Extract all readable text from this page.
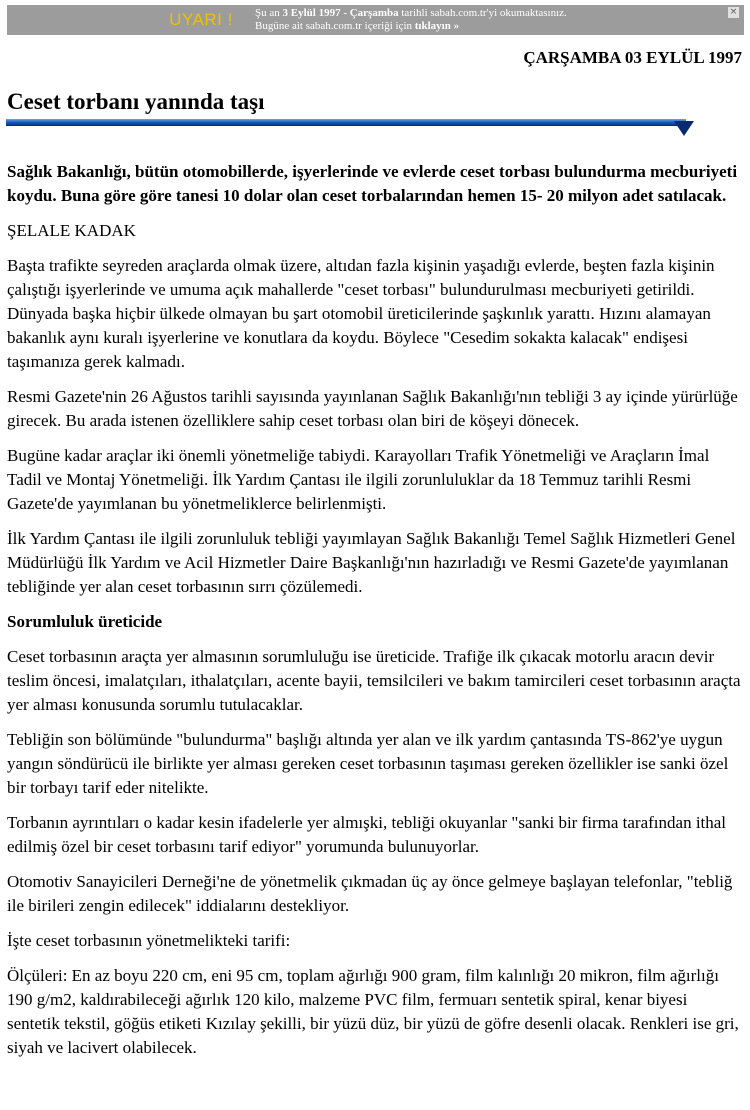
UYARI ! Şu an 3 Eylül 1997 - Çarşamba tarihli sabah.com.tr'yi okumaktasınız.
Bugüne ait sabah.com.tr içeriği için tıklayın »
×
ÇARŞAMBA 03 EYLÜL 1997
Ceset torbanı yanında taşı

Sağlık Bakanlığı, bütün otomobillerde, işyerlerinde ve evlerde ceset torbası bulundurma mecburiyeti koydu. Buna göre göre tanesi 10 dolar olan ceset torbalarından hemen 15- 20 milyon adet satılacak.

ŞELALE KADAK

Başta trafikte seyreden araçlarda olmak üzere, altıdan fazla kişinin yaşadığı evlerde, beşten fazla kişinin çalıştığı işyerlerinde ve umuma açık mahallerde "ceset torbası" bulundurulması mecburiyeti getirildi. Dünyada başka hiçbir ülkede olmayan bu şart otomobil üreticilerinde şaşkınlık yarattı. Hızını alamayan bakanlık aynı kuralı işyerlerine ve konutlara da koydu. Böylece "Cesedim sokakta kalacak" endişesi taşımanıza gerek kalmadı.

Resmi Gazete'nin 26 Ağustos tarihli sayısında yayınlanan Sağlık Bakanlığı'nın tebliği 3 ay içinde yürürlüğe girecek. Bu arada istenen özelliklere sahip ceset torbası olan biri de köşeyi dönecek.

Bugüne kadar araçlar iki önemli yönetmeliğe tabiydi. Karayolları Trafik Yönetmeliği ve Araçların İmal Tadil ve Montaj Yönetmeliği. İlk Yardım Çantası ile ilgili zorunluluklar da 18 Temmuz tarihli Resmi Gazete'de yayımlanan bu yönetmeliklerce belirlenmişti.

İlk Yardım Çantası ile ilgili zorunluluk tebliği yayımlayan Sağlık Bakanlığı Temel Sağlık Hizmetleri Genel Müdürlüğü İlk Yardım ve Acil Hizmetler Daire Başkanlığı'nın hazırladığı ve Resmi Gazete'de yayımlanan tebliğinde yer alan ceset torbasının sırrı çözülemedi.

Sorumluluk üreticide

Ceset torbasının araçta yer almasının sorumluluğu ise üreticide. Trafiğe ilk çıkacak motorlu aracın devir teslim öncesi, imalatçıları, ithalatçıları, acente bayii, temsilcileri ve bakım tamircileri ceset torbasının araçta yer alması konusunda sorumlu tutulacaklar.

Tebliğin son bölümünde "bulundurma" başlığı altında yer alan ve ilk yardım çantasında TS-862'ye uygun yangın söndürücü ile birlikte yer alması gereken ceset torbasının taşıması gereken özellikler ise sanki özel bir torbayı tarif eder nitelikte.

Torbanın ayrıntıları o kadar kesin ifadelerle yer almışki, tebliği okuyanlar "sanki bir firma tarafından ithal edilmiş özel bir ceset torbasını tarif ediyor" yorumunda bulunuyorlar.

Otomotiv Sanayicileri Derneği'ne de yönetmelik çıkmadan üç ay önce gelmeye başlayan telefonlar, "tebliğ ile birileri zengin edilecek" iddialarını destekliyor.

İşte ceset torbasının yönetmelikteki tarifi:

Ölçüleri: En az boyu 220 cm, eni 95 cm, toplam ağırlığı 900 gram, film kalınlığı 20 mikron, film ağırlığı 190 g/m2, kaldırabileceği ağırlık 120 kilo, malzeme PVC film, fermuarı sentetik spiral, kenar biyesi sentetik tekstil, göğüs etiketi Kızılay şekilli, bir yüzü düz, bir yüzü de göfre desenli olacak. Renkleri ise gri, siyah ve lacivert olabilecek.
